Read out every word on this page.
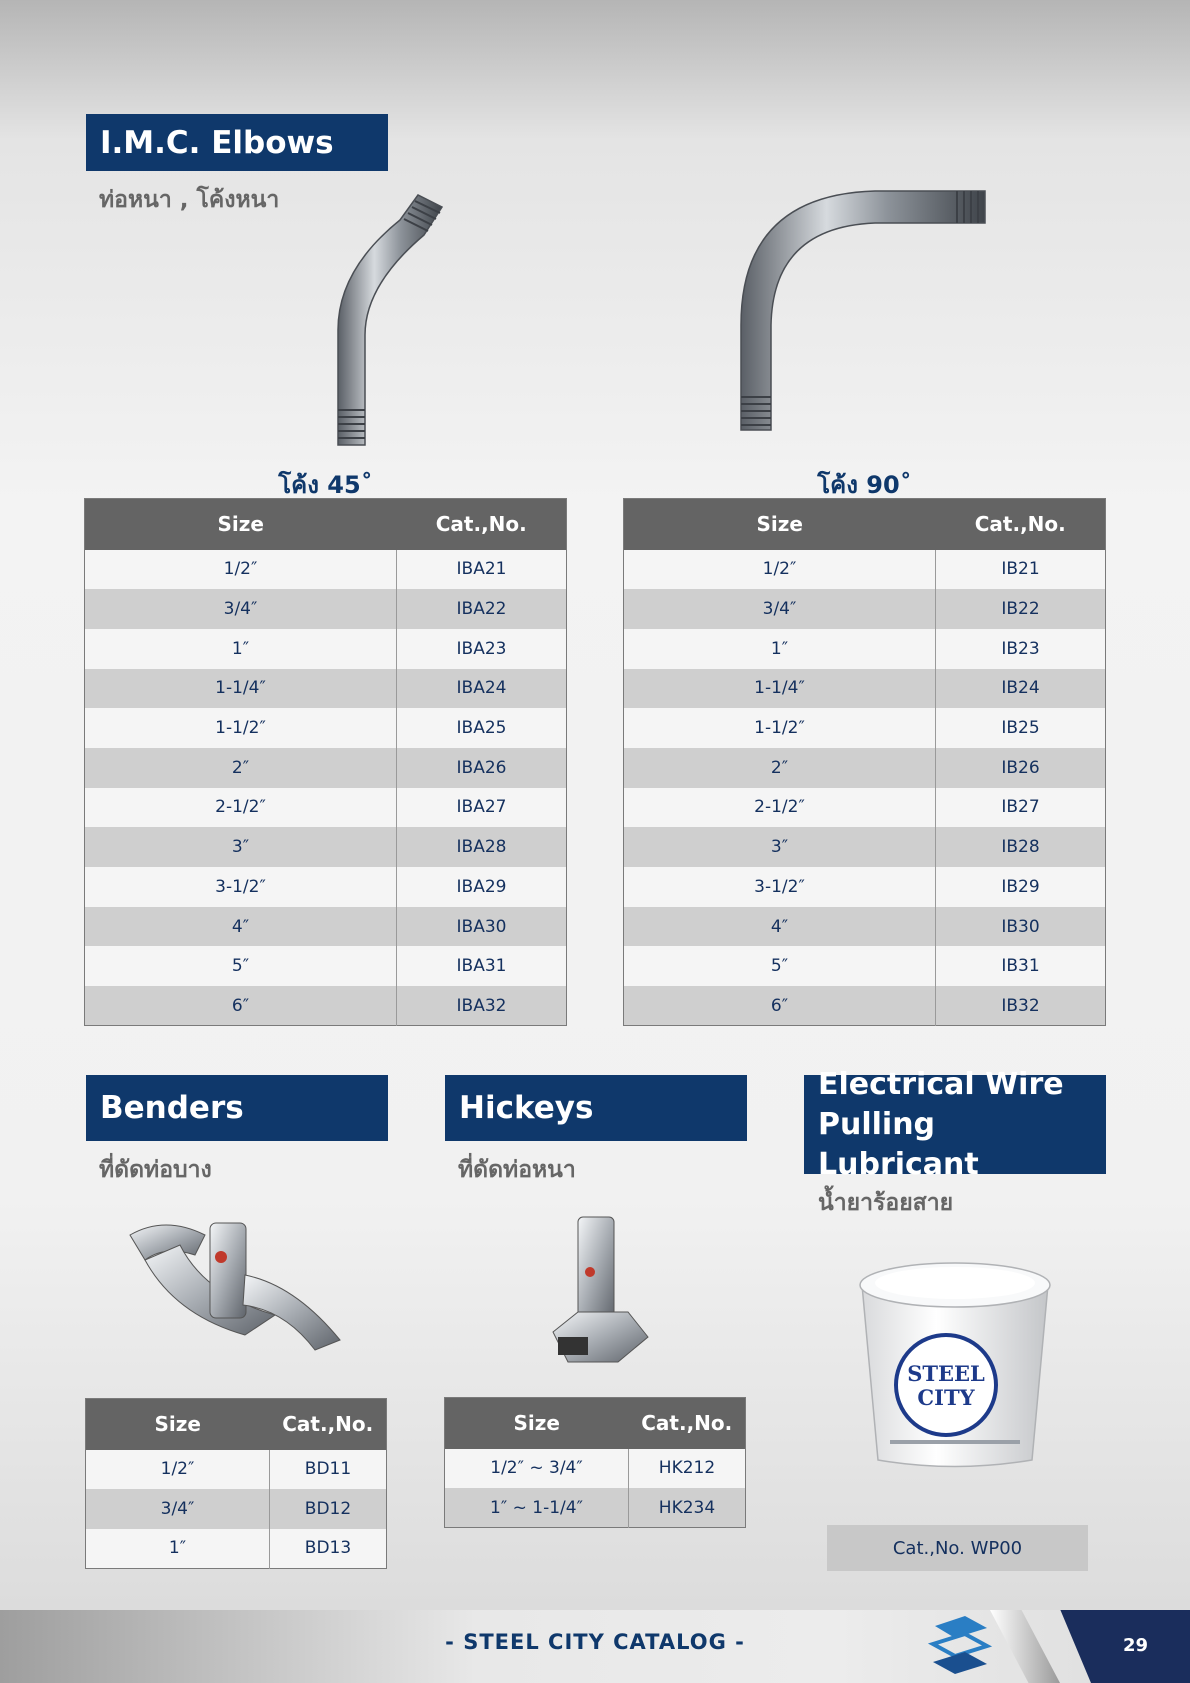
I.M.C. Elbows
ท่อหนา , โค้งหนา
โค้ง 45˚	โค้ง 90˚
Size	Cat.,No.
1/2″	IBA21
3/4″	IBA22
1″	IBA23
1-1/4″	IBA24
1-1/2″	IBA25
2″	IBA26
2-1/2″	IBA27
3″	IBA28
3-1/2″	IBA29
4″	IBA30
5″	IBA31
6″	IBA32
Size	Cat.,No.
1/2″	IB21
3/4″	IB22
1″	IB23
1-1/4″	IB24
1-1/2″	IB25
2″	IB26
2-1/2″	IB27
3″	IB28
3-1/2″	IB29
4″	IB30
5″	IB31
6″	IB32
Benders
ที่ดัดท่อบาง
Size	Cat.,No.
1/2″	BD11
3/4″	BD12
1″	BD13
Hickeys
ที่ดัดท่อหนา
Size	Cat.,No.
1/2″ ~ 3/4″	HK212
1″ ~ 1-1/4″	HK234
Electrical Wire
Pulling Lubricant
น้ำยาร้อยสาย
STEEL
CITY
Cat.,No. WP00
- STEEL CITY CATALOG -	29
